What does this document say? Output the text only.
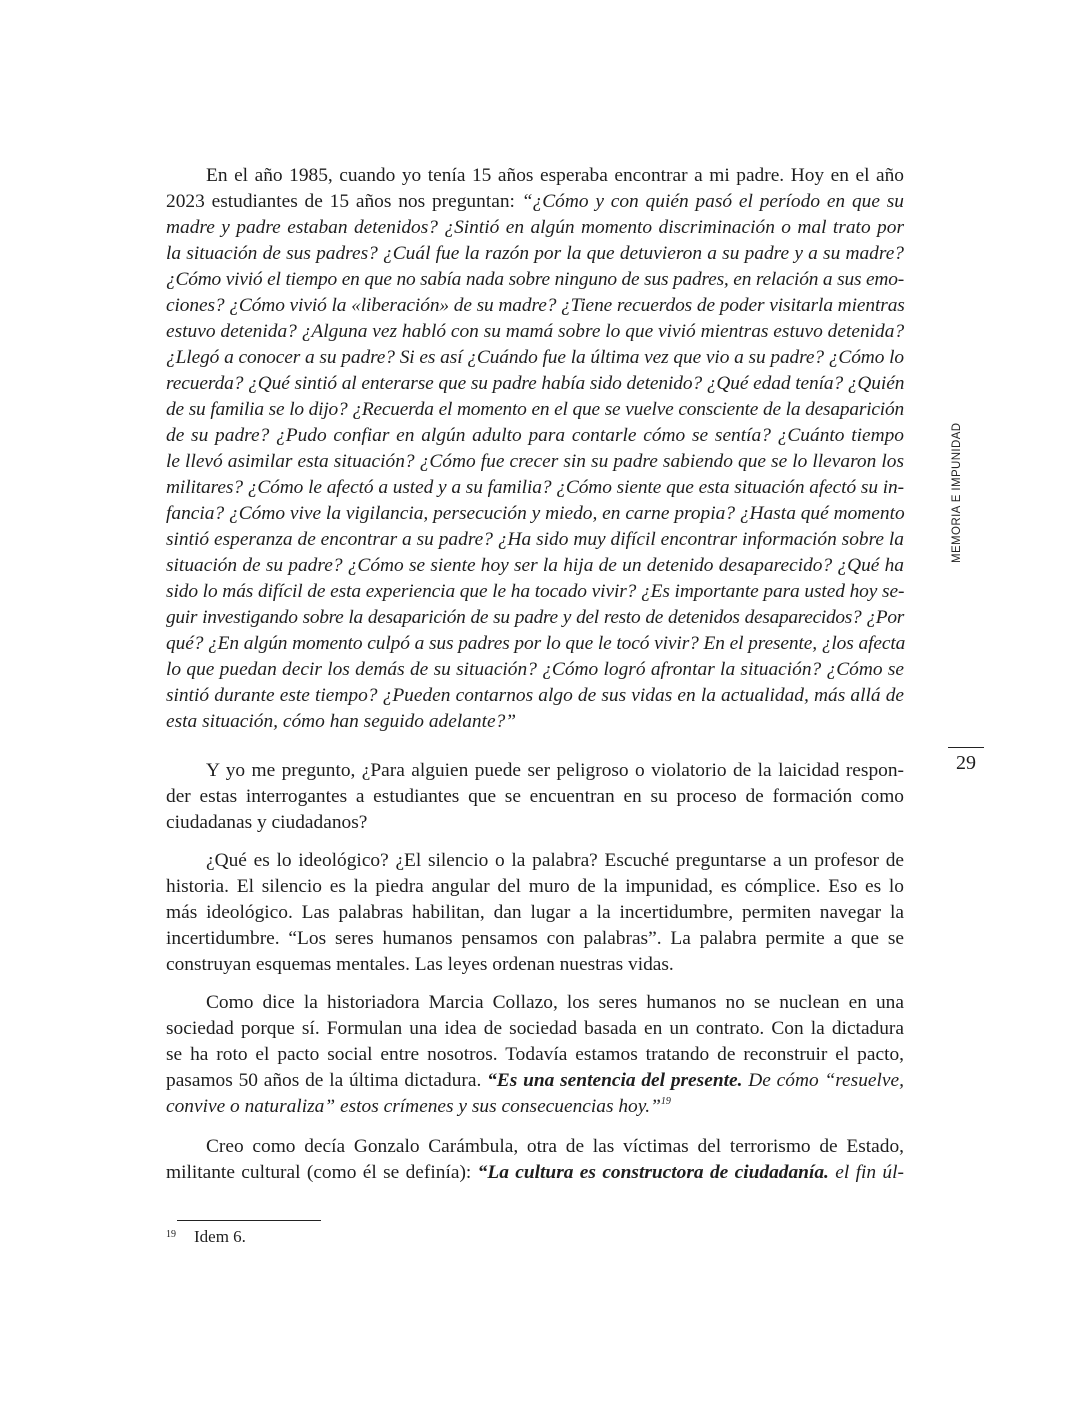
En el año 1985, cuando yo tenía 15 años esperaba encontrar a mi padre. Hoy en el año
2023 estudiantes de 15 años nos preguntan: “¿Cómo y con quién pasó el período en que su
madre y padre estaban detenidos? ¿Sintió en algún momento discriminación o mal trato por
la situación de sus padres? ¿Cuál fue la razón por la que detuvieron a su padre y a su madre?
¿Cómo vivió el tiempo en que no sabía nada sobre ninguno de sus padres, en relación a sus emo-
ciones? ¿Cómo vivió la «liberación» de su madre? ¿Tiene recuerdos de poder visitarla mientras
estuvo detenida? ¿Alguna vez habló con su mamá sobre lo que vivió mientras estuvo detenida?
¿Llegó a conocer a su padre? Si es así ¿Cuándo fue la última vez que vio a su padre? ¿Cómo lo
recuerda? ¿Qué sintió al enterarse que su padre había sido detenido? ¿Qué edad tenía? ¿Quién
de su familia se lo dijo? ¿Recuerda el momento en el que se vuelve consciente de la desaparición
de su padre? ¿Pudo confiar en algún adulto para contarle cómo se sentía? ¿Cuánto tiempo
le llevó asimilar esta situación? ¿Cómo fue crecer sin su padre sabiendo que se lo llevaron los
militares? ¿Cómo le afectó a usted y a su familia? ¿Cómo siente que esta situación afectó su in-
fancia? ¿Cómo vive la vigilancia, persecución y miedo, en carne propia? ¿Hasta qué momento
sintió esperanza de encontrar a su padre? ¿Ha sido muy difícil encontrar información sobre la
situación de su padre? ¿Cómo se siente hoy ser la hija de un detenido desaparecido? ¿Qué ha
sido lo más difícil de esta experiencia que le ha tocado vivir? ¿Es importante para usted hoy se-
guir investigando sobre la desaparición de su padre y del resto de detenidos desaparecidos? ¿Por
qué? ¿En algún momento culpó a sus padres por lo que le tocó vivir? En el presente, ¿los afecta
lo que puedan decir los demás de su situación? ¿Cómo logró afrontar la situación? ¿Cómo se
sintió durante este tiempo? ¿Pueden contarnos algo de sus vidas en la actualidad, más allá de
esta situación, cómo han seguido adelante?”
Y yo me pregunto, ¿Para alguien puede ser peligroso o violatorio de la laicidad respon-
der estas interrogantes a estudiantes que se encuentran en su proceso de formación como
ciudadanas y ciudadanos?
¿Qué es lo ideológico? ¿El silencio o la palabra? Escuché preguntarse a un profesor de
historia. El silencio es la piedra angular del muro de la impunidad, es cómplice. Eso es lo
más ideológico. Las palabras habilitan, dan lugar a la incertidumbre, permiten navegar la
incertidumbre. “Los seres humanos pensamos con palabras”. La palabra permite a que se
construyan esquemas mentales. Las leyes ordenan nuestras vidas.
Como dice la historiadora Marcia Collazo, los seres humanos no se nuclean en una
sociedad porque sí. Formulan una idea de sociedad basada en un contrato. Con la dictadura
se ha roto el pacto social entre nosotros. Todavía estamos tratando de reconstruir el pacto,
pasamos 50 años de la última dictadura. “Es una sentencia del presente. De cómo “resuelve,
convive o naturaliza” estos crímenes y sus consecuencias hoy.”$^{19}$
Creo como decía Gonzalo Carámbula, otra de las víctimas del terrorismo de Estado,
militante cultural (como él se definía): “La cultura es constructora de ciudadanía. el fin úl-
MEMORIA E IMPUNIDAD
29
19 Idem 6.
